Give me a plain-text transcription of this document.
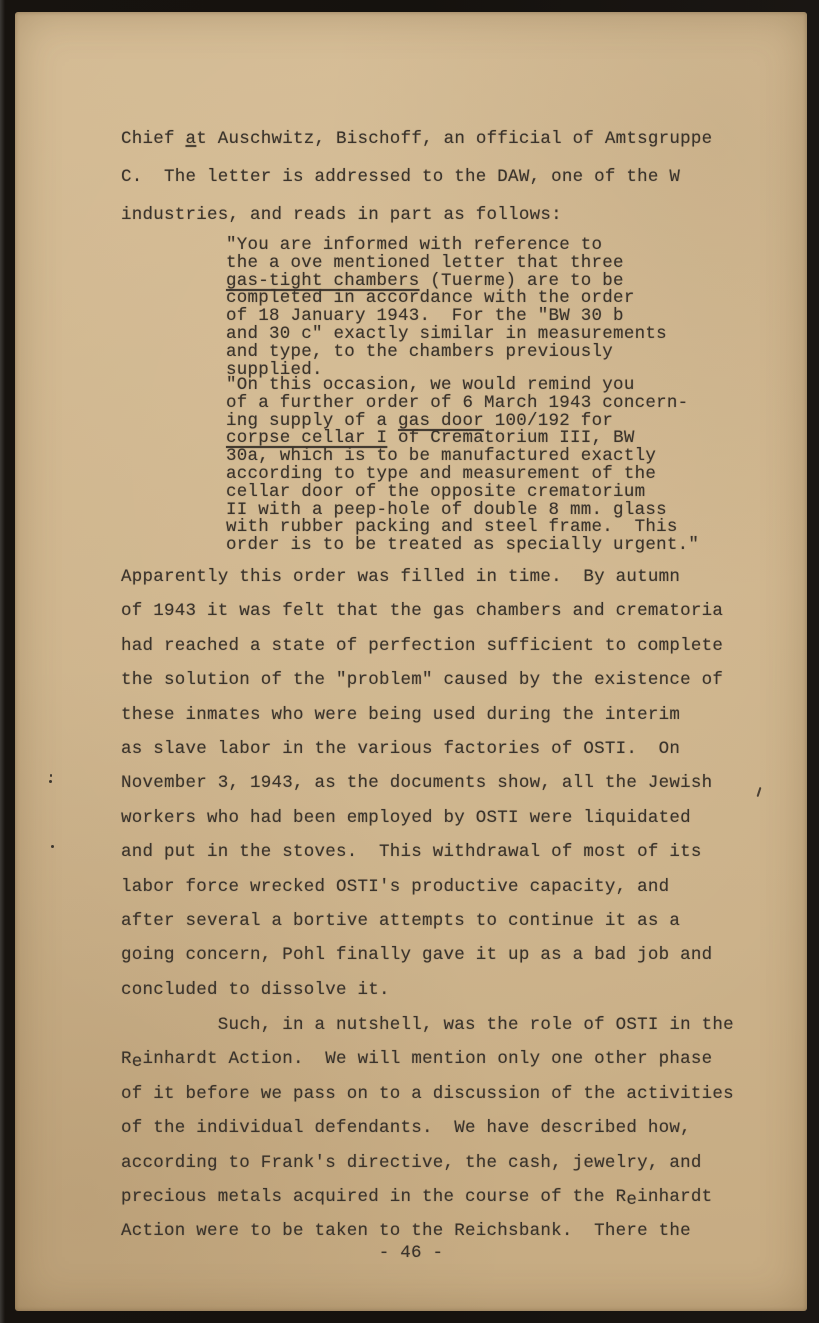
Chief at Auschwitz, Bischoff, an official of Amtsgruppe
C.  The letter is addressed to the DAW, one of the W
industries, and reads in part as follows:
"You are informed with reference to
the a ove mentioned letter that three
gas-tight chambers (Tuerme) are to be
completed in accordance with the order
of 18 January 1943.  For the "BW 30 b
and 30 c" exactly similar in measurements
and type, to the chambers previously
supplied.
"On this occasion, we would remind you
of a further order of 6 March 1943 concern-
ing supply of a gas door 100/192 for
corpse cellar I of Crematorium III, BW
30a, which is to be manufactured exactly
according to type and measurement of the
cellar door of the opposite crematorium
II with a peep-hole of double 8 mm. glass
with rubber packing and steel frame.  This
order is to be treated as specially urgent."
Apparently this order was filled in time.  By autumn
of 1943 it was felt that the gas chambers and crematoria
had reached a state of perfection sufficient to complete
the solution of the "problem" caused by the existence of
these inmates who were being used during the interim
as slave labor in the various factories of OSTI.  On
November 3, 1943, as the documents show, all the Jewish
workers who had been employed by OSTI were liquidated
and put in the stoves.  This withdrawal of most of its
labor force wrecked OSTI's productive capacity, and
after several a bortive attempts to continue it as a
going concern, Pohl finally gave it up as a bad job and
concluded to dissolve it.
Such, in a nutshell, was the role of OSTI in the
Reinhardt Action.  We will mention only one other phase
of it before we pass on to a discussion of the activities
of the individual defendants.  We have described how,
according to Frank's directive, the cash, jewelry, and
precious metals acquired in the course of the Reinhardt
Action were to be taken to the Reichsbank.  There the
- 46 -
